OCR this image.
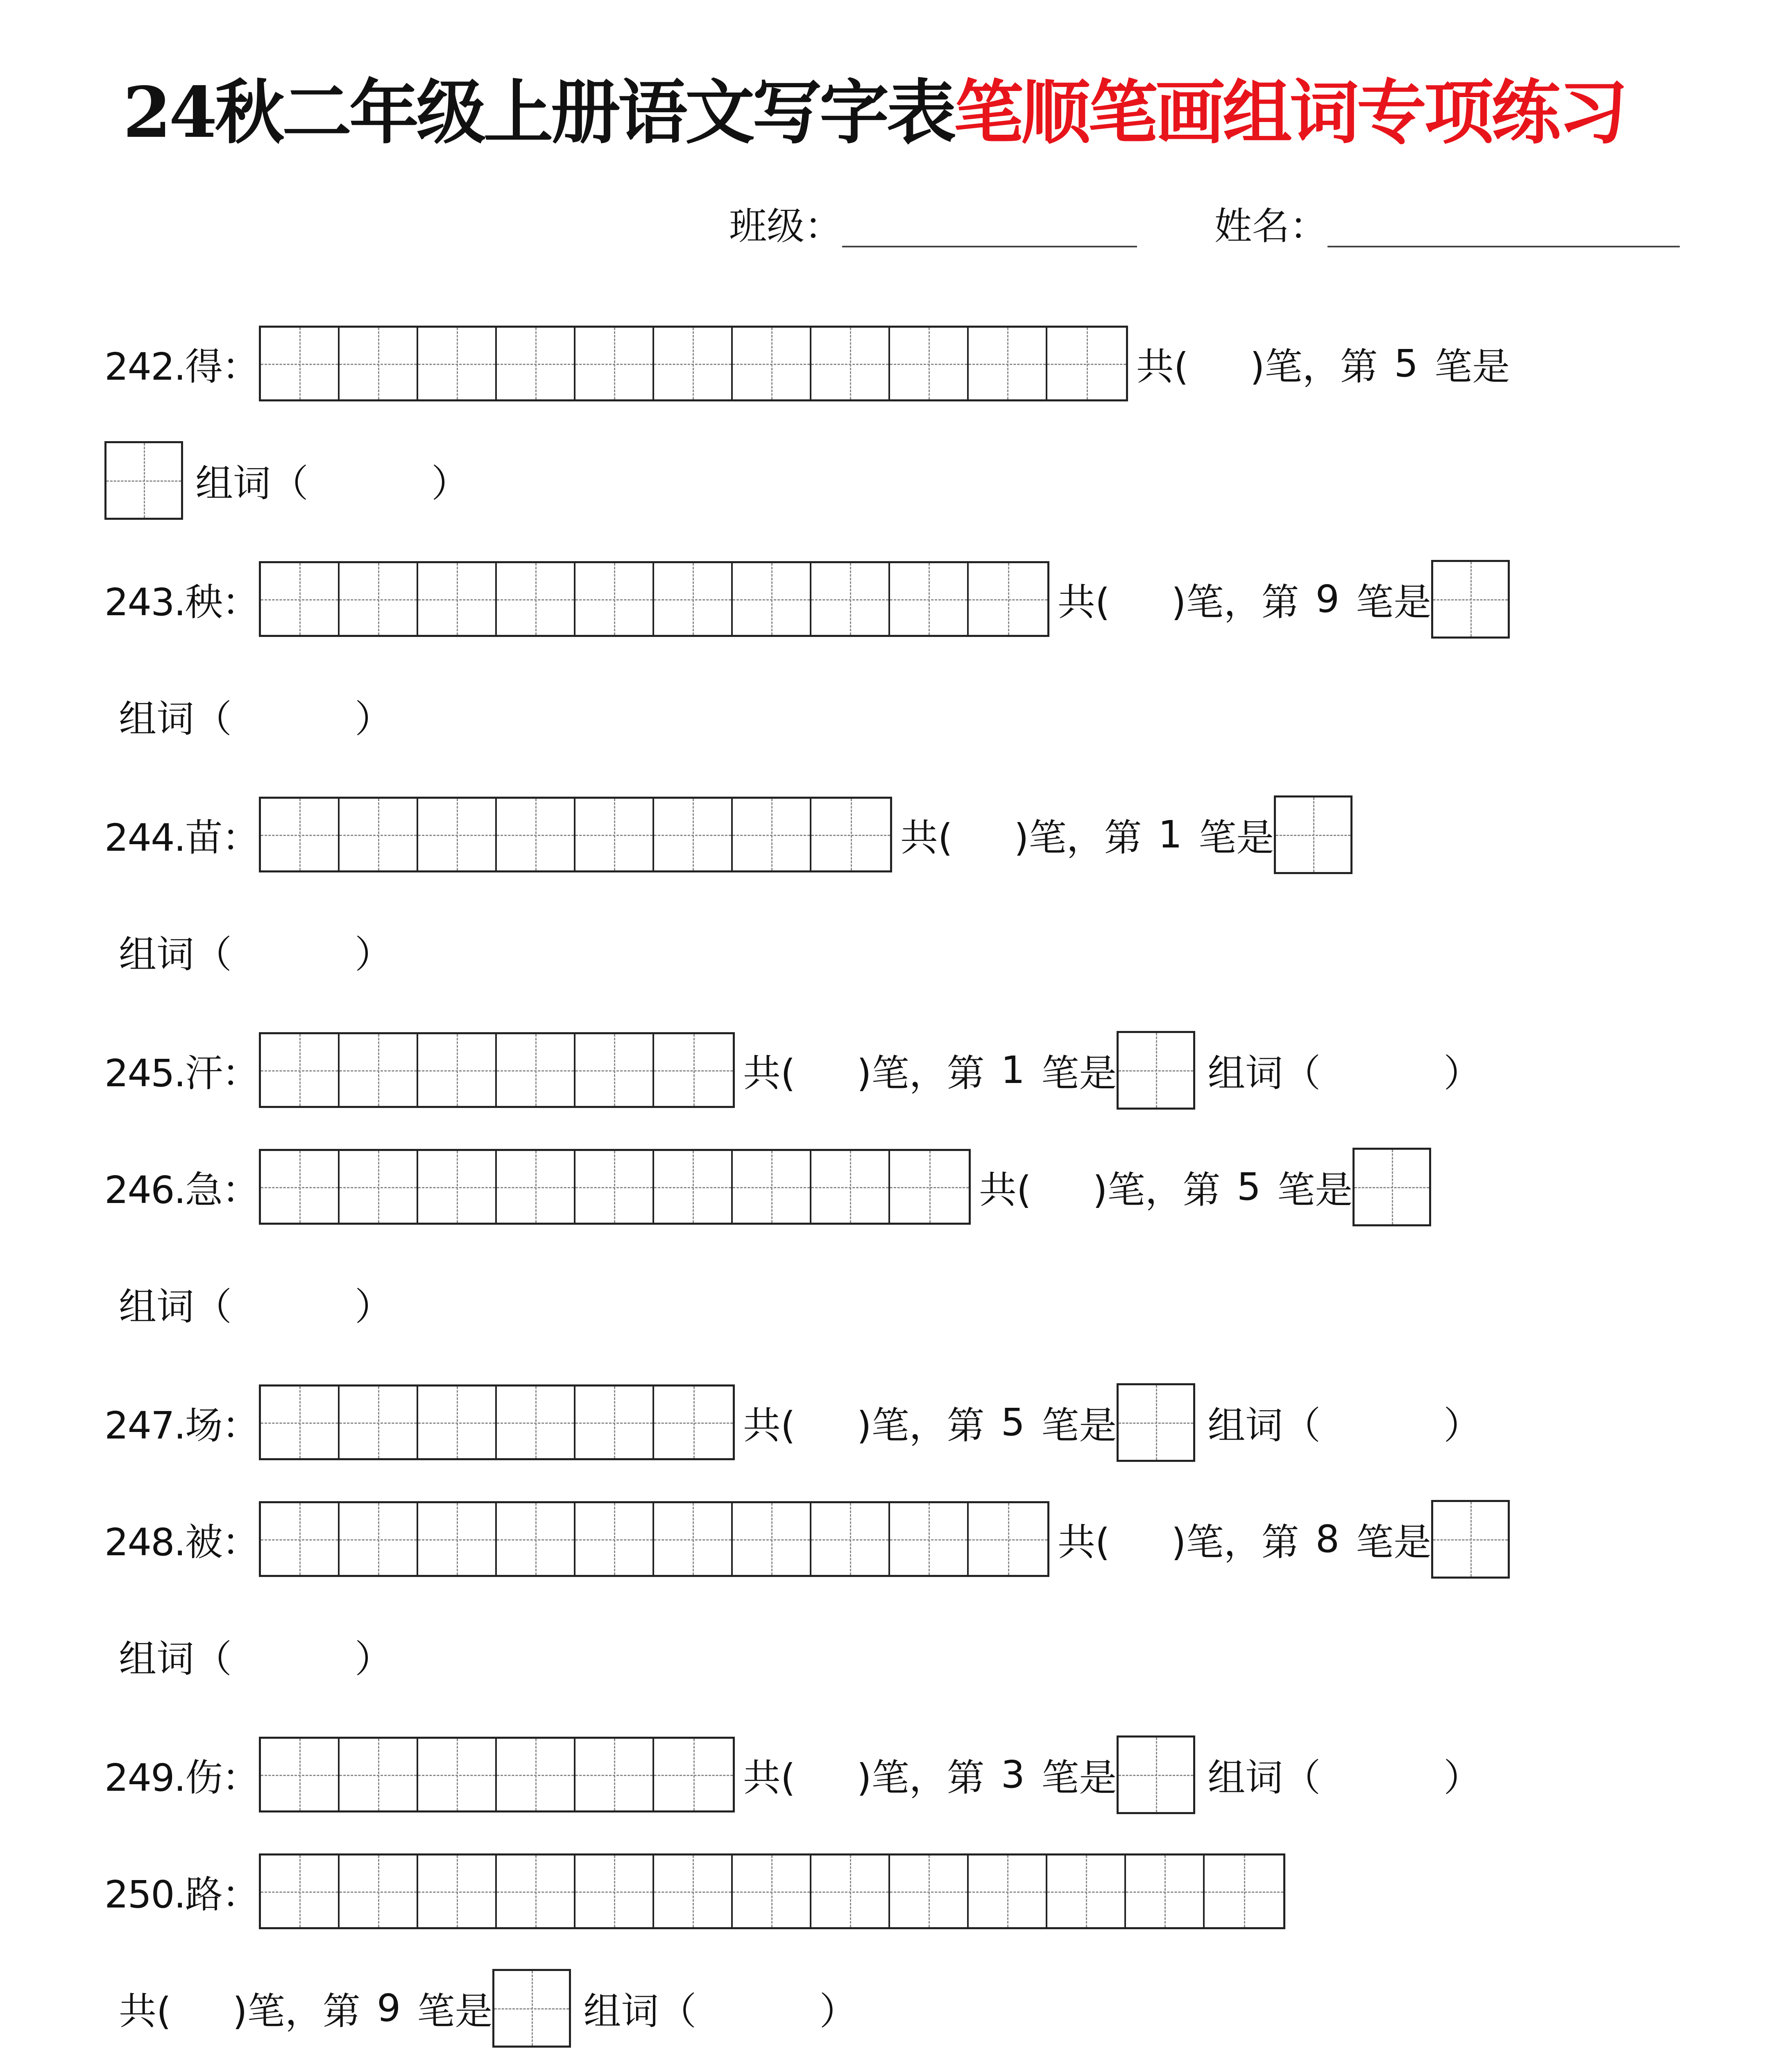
24秋二年级上册语文写字表笔顺笔画组词专项练习
班级：	姓名：
242.得：	共( )笔，第 5 笔是
组词（	）
243.秧：	共( )笔，第 9 笔是
组词（	）
244.苗：	共( )笔，第 1 笔是
组词（	）
245.汗：	共( )笔，第 1 笔是 组词（	）
246.急：	共( )笔，第 5 笔是
组词（	）
247.场：	共( )笔，第 5 笔是 组词（	）
248.被：	共( )笔，第 8 笔是
组词（	）
249.伤：	共( )笔，第 3 笔是 组词（	）
250.路：
共( )笔，第 9 笔是 组词（	）
